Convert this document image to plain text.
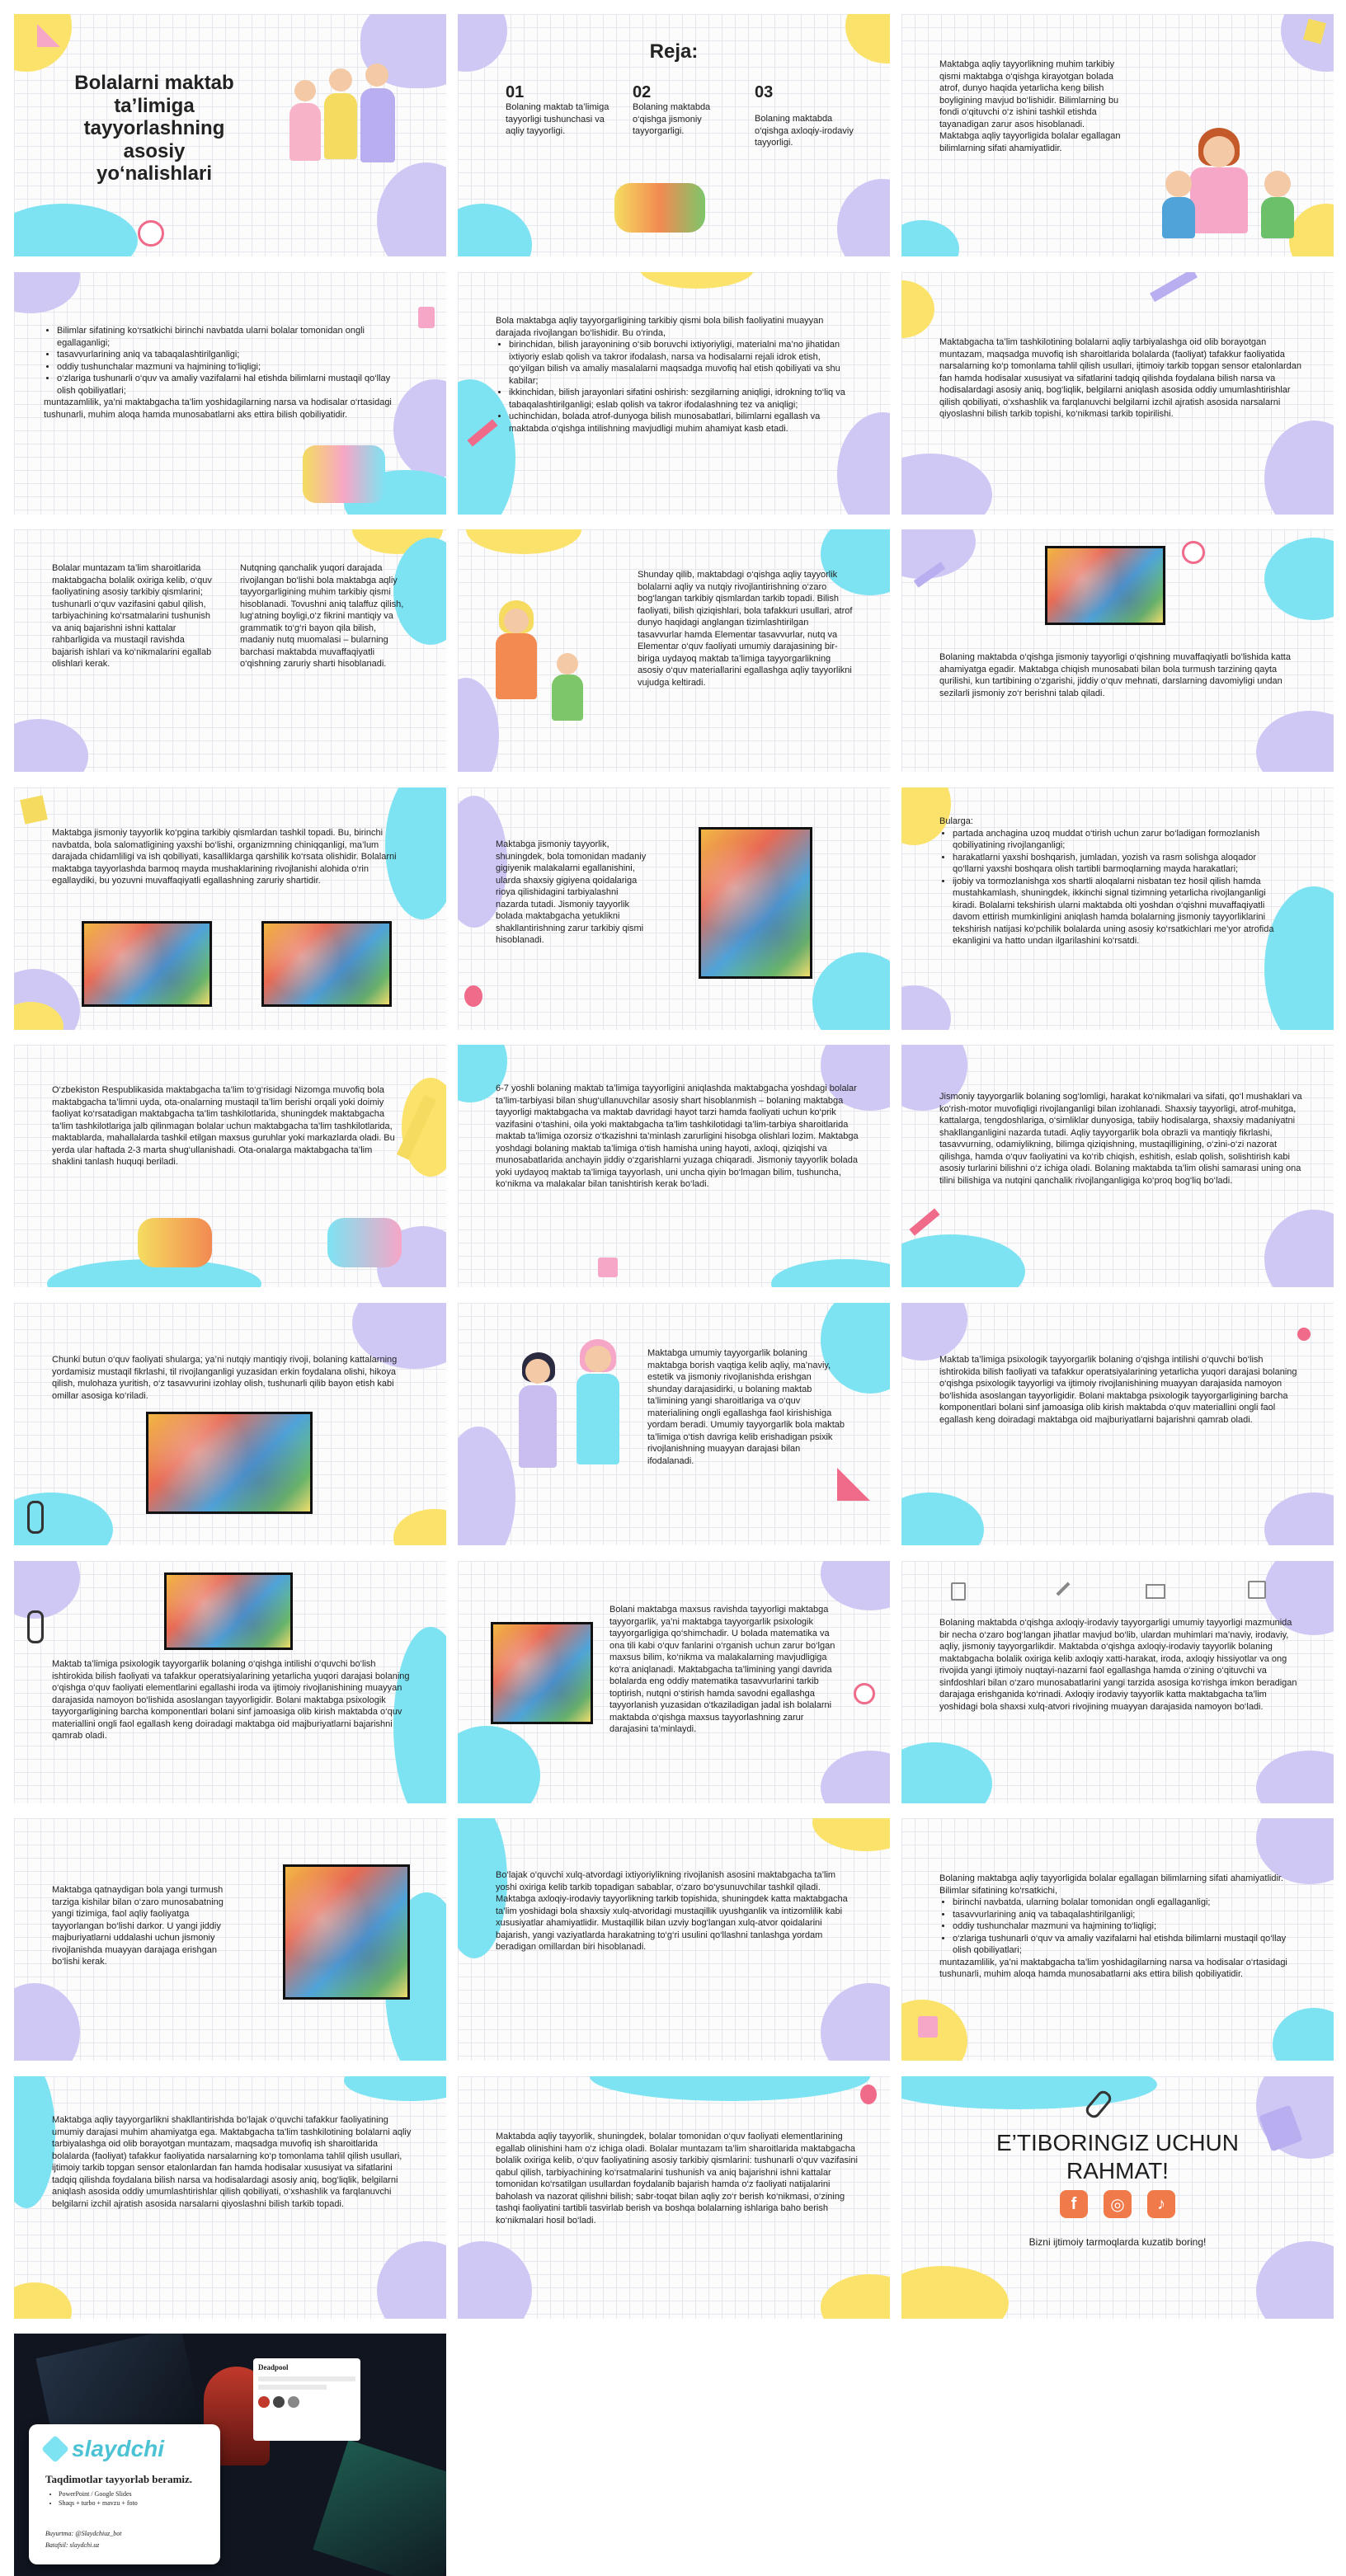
Bolalarni maktab ta’limiga tayyorlashning asosiy yo‘nalishlari
Reja:
01
Bolaning maktab ta’limiga tayyorligi tushunchasi va aqliy tayyorligi.
02
Bolaning maktabda o‘qishga jismoniy tayyorgarligi.
03
Bolaning maktabda o‘qishga axloqiy-irodaviy tayyorligi.
Maktabga aqliy tayyorlikning muhim tarkibiy qismi maktabga o‘qishga kirayotgan bolada atrof, dunyo haqida yetarlicha keng bilish boyligining mavjud bo‘lishidir. Bilimlarning bu fondi o‘qituvchi o‘z ishini tashkil etishda tayanadigan zarur asos hisoblanadi. Maktabga aqliy tayyorligida bolalar egallagan bilimlarning sifati ahamiyatlidir.
• Bilimlar sifatining ko‘rsatkichi birinchi navbatda ularni bolalar tomonidan ongli egallaganligi;
• tasavvurlarining aniq va tabaqalashtirilganligi;
• oddiy tushunchalar mazmuni va hajmining to‘liqligi;
• o‘zlariga tushunarli o‘quv va amaliy vazifalarni hal etishda bilimlarni mustaqil qo‘llay olish qobiliyatlari;
muntazamlilik, ya’ni maktabgacha ta’lim yoshidagilarning narsa va hodisalar o‘rtasidagi tushunarli, muhim aloqa hamda munosabatlarni aks ettira bilish qobiliyatidir.
Bola maktabga aqliy tayyorgarligining tarkibiy qismi bola bilish faoliyatini muayyan darajada rivojlangan bo‘lishidir. Bu o‘rinda,
• birinchidan, bilish jarayonining o‘sib boruvchi ixtiyoriyligi, materialni ma’no jihatidan ixtiyoriy eslab qolish va takror ifodalash, narsa va hodisalarni rejali idrok etish, qo‘yilgan bilish va amaliy masalalarni maqsadga muvofiq hal etish qobiliyati va shu kabilar;
• ikkinchidan, bilish jarayonlari sifatini oshirish: sezgilarning aniqligi, idrokning to‘liq va tabaqalashtirilganligi; eslab qolish va takror ifodalashning tez va aniqligi;
• uchinchidan, bolada atrof-dunyoga bilish munosabatlari, bilimlarni egallash va maktabda o‘qishga intilishning mavjudligi muhim ahamiyat kasb etadi.
Maktabgacha ta’lim tashkilotining bolalarni aqliy tarbiyalashga oid olib borayotgan muntazam, maqsadga muvofiq ish sharoitlarida bolalarda (faoliyat) tafakkur faoliyatida narsalarning ko‘p tomonlama tahlil qilish usullari, ijtimoiy tarkib topgan sensor etalonlardan fan hamda hodisalar xususiyat va sifatlarini tadqiq qilishda foydalana bilish narsa va hodisalardagi asosiy aniq, bog‘liqlik, belgilarni aniqlash asosida oddiy umumlashtirishlar qilish qobiliyati, o‘xshashlik va farqlanuvchi belgilarni izchil ajratish asosida narsalarni qiyoslashni bilish tarkib topishi, ko‘nikmasi tarkib topirilishi.
Bolalar muntazam ta’lim sharoitlarida maktabgacha bolalik oxiriga kelib, o‘quv faoliyatining asosiy tarkibiy qismlarini; tushunarli o‘quv vazifasini qabul qilish, tarbiyachining ko‘rsatmalarini tushunish va aniq bajarishni ishni kattalar rahbarligida va mustaqil ravishda bajarish ishlari va ko‘nikmalarini egallab olishlari kerak.
Nutqning qanchalik yuqori darajada rivojlangan bo‘lishi bola maktabga aqliy tayyorgarligining muhim tarkibiy qismi hisoblanadi. Tovushni aniq talaffuz qilish, lug‘atning boyligi,o‘z fikrini mantiqiy va grammatik to‘g‘ri bayon qila bilish, madaniy nutq muomalasi – bularning barchasi maktabda muvaffaqiyatli o‘qishning zaruriy sharti hisoblanadi.
Shunday qilib, maktabdagi o‘qishga aqliy tayyorlik bolalarni aqliy va nutqiy rivojlantirishning o‘zaro bog‘langan tarkibiy qismlardan tarkib topadi. Bilish faoliyati, bilish qiziqishlari, bola tafakkuri usullari, atrof dunyo haqidagi anglangan tizimlashtirilgan tasavvurlar hamda Elementar tasavvurlar, nutq va Elementar o‘quv faoliyati umumiy darajasining bir-biriga uydayoq maktab ta’limiga tayyorgarlikning asosiy o‘quv materiallarini egallashga aqliy tayyorlikni vujudga keltiradi.
Bolaning maktabda o‘qishga jismoniy tayyorligi o‘qishning muvaffaqiyatli bo‘lishida katta ahamiyatga egadir. Maktabga chiqish munosabati bilan bola turmush tarzining qayta qurilishi, kun tartibining o‘zgarishi, jiddiy o‘quv mehnati, darslarning davomiyligi undan sezilarli jismoniy zo‘r berishni talab qiladi.
Maktabga jismoniy tayyorlik ko‘pgina tarkibiy qismlardan tashkil topadi. Bu, birinchi navbatda, bola salomatligining yaxshi bo‘lishi, organizmning chiniqqanligi, ma’lum darajada chidamliligi va ish qobiliyati, kasalliklarga qarshilik ko‘rsata olishidir. Bolalarni maktabga tayyorlashda barmoq mayda mushaklarining rivojlanishi alohida o‘rin egallaydiki, bu yozuvni muvaffaqiyatli egallashning zaruriy shartidir.
Maktabga jismoniy tayyorlik, shuningdek, bola tomonidan madaniy gigiyenik malakalarni egallanishini, ularda shaxsiy gigiyena qoidalariga rioya qilishidagini tarbiyalashni nazarda tutadi. Jismoniy tayyorlik bolada maktabgacha yetuklikni shakllantirishning zarur tarkibiy qismi hisoblanadi.
Bularga:
• partada anchagina uzoq muddat o‘tirish uchun zarur bo‘ladigan formozlanish qobiliyatining rivojlanganligi;
• harakatlarni yaxshi boshqarish, jumladan, yozish va rasm solishga aloqador qo‘llarni yaxshi boshqara olish tartibli barmoqlarning mayda harakatlari;
• ijobiy va tormozlanishga xos shartli aloqalarni nisbatan tez hosil qilish hamda mustahkamlash, shuningdek, ikkinchi signal tizimning yetarlicha rivojlanganligi kiradi. Bolalarni tekshirish ularni maktabda olti yoshdan o‘qishni muvaffaqiyatli davom ettirish mumkinligini aniqlash hamda bolalarning jismoniy tayyorliklarini tekshirish natijasi ko‘pchilik bolalarda uning asosiy ko‘rsatkichlari me’yor atrofida ekanligini va hatto undan ilgarilashini ko‘rsatdi.
O‘zbekiston Respublikasida maktabgacha ta’lim to‘g‘risidagi Nizomga muvofiq bola maktabgacha ta’limni uyda, ota-onalarning mustaqil ta’lim berishi orqali yoki doimiy faoliyat ko‘rsatadigan maktabgacha ta’lim tashkilotlarida, shuningdek maktabgacha ta’lim tashkilotlariga jalb qilinmagan bolalar uchun maktabgacha ta’lim tashkilotlarida, maktablarda, mahallalarda tashkil etilgan maxsus guruhlar yoki markazlarda oladi. Bu yerda ular haftada 2-3 marta shug‘ullanishadi. Ota-onalarga maktabgacha ta’lim shaklini tanlash huquqi beriladi.
6-7 yoshli bolaning maktab ta’limiga tayyorligini aniqlashda maktabgacha yoshdagi bolalar ta’lim-tarbiyasi bilan shug‘ullanuvchilar asosiy shart hisoblanmish – bolaning maktabga tayyorligi maktabgacha va maktab davridagi hayot tarzi hamda faoliyati uchun ko‘prik vazifasini o‘tashini, oila yoki maktabgacha ta’lim tashkilotidagi ta’lim-tarbiya sharoitlarida maktab ta’limiga ozorsiz o‘tkazishni ta’minlash zarurligini hisobga olishlari lozim. Maktabga yoshdagi bolaning maktab ta’limiga o‘tish hamisha uning hayoti, axloqi, qiziqishi va munosabatlarida anchayin jiddiy o‘zgarishlarni yuzaga chiqaradi. Jismoniy tayyorlik bolada yoki uydayoq maktab ta’limiga tayyorlash, uni uncha qiyin bo‘lmagan bilim, tushuncha, ko‘nikma va malakalar bilan tanishtirish kerak bo‘ladi.
Jismoniy tayyorgarlik bolaning sog‘lomligi, harakat ko‘nikmalari va sifati, qo‘l mushaklari va ko‘rish-motor muvofiqligi rivojlanganligi bilan izohlanadi. Shaxsiy tayyorligi, atrof-muhitga, kattalarga, tengdoshlariga, o‘simliklar dunyosiga, tabiiy hodisalarga, shaxsiy madaniyatni shakllanganligini nazarda tutadi. Aqliy tayyorgarlik bola obrazli va mantiqiy fikrlashi, tasavvurning, odamiylikning, bilimga qiziqishning, mustaqilligining, o‘zini-o‘zi nazorat qilishga, hamda o‘quv faoliyatini va ko‘rib chiqish, eshitish, eslab qolish, solishtirish kabi asosiy turlarini bilishni o‘z ichiga oladi. Bolaning maktabda ta’lim olishi samarasi uning ona tilini bilishiga va nutqini qanchalik rivojlanganligiga ko‘proq bog‘liq bo‘ladi.
Chunki butun o‘quv faoliyati shularga; ya’ni nutqiy mantiqiy rivoji, bolaning kattalarning yordamisiz mustaqil fikrlashi, til rivojlanganligi yuzasidan erkin foydalana olishi, hikoya qilish, mulohaza yuritish, o‘z tasavvurini izohlay olish, tushunarli qilib bayon etish kabi omillar asosiga ko‘riladi.
Maktabga umumiy tayyorgarlik bolaning maktabga borish vaqtiga kelib aqliy, ma’naviy, estetik va jismoniy rivojlanishda erishgan shunday darajasidirki, u bolaning maktab ta’limining yangi sharoitlariga va o‘quv materialining ongli egallashga faol kirishishiga yordam beradi. Umumiy tayyorgarlik bola maktab ta’limiga o‘tish davriga kelib erishadigan psixik rivojlanishning muayyan darajasi bilan ifodalanadi.
Maktab ta’limiga psixologik tayyorgarlik bolaning o‘qishga intilishi o‘quvchi bo‘lish ishtirokida bilish faoliyati va tafakkur operatsiyalarining yetarlicha yuqori darajasi bolaning o‘qishga psixologik tayyorligi va ijtimoiy rivojlanishining muayyan darajasida namoyon bo‘lishida asoslangan tayyorligidir. Bolani maktabga psixologik tayyorgarligining barcha komponentlari bolani sinf jamoasiga olib kirish maktabda o‘quv materiallini ongli faol egallash keng doiradagi maktabga oid majburiyatlarni bajarishni qamrab oladi.
Maktab ta’limiga psixologik tayyorgarlik bolaning o‘qishga intilishi o‘quvchi bo‘lish ishtirokida bilish faoliyati va tafakkur operatsiyalarining yetarlicha yuqori darajasi bolaning o‘qishga o‘quv faoliyati elementlarini egallashi iroda va ijtimoiy rivojlanishining muayyan darajasida namoyon bo‘lishida asoslangan tayyorligidir. Bolani maktabga psixologik tayyorgarligining barcha komponentlari bolani sinf jamoasiga olib kirish maktabda o‘quv materiallini ongli faol egallash keng doiradagi maktabga oid majburiyatlarni bajarishni qamrab oladi.
Bolani maktabga maxsus ravishda tayyorligi maktabga tayyorgarlik, ya’ni maktabga tayyorgarlik psixologik tayyorgarligiga qo‘shimchadir. U bolada matematika va ona tili kabi o‘quv fanlarini o‘rganish uchun zarur bo‘lgan maxsus bilim, ko‘nikma va malakalarning mavjudligiga ko‘ra aniqlanadi. Maktabgacha ta’limining yangi davrida bolalarda eng oddiy matematika tasavvurlarini tarkib toptirish, nutqni o‘stirish hamda savodni egallashga tayyorlanish yuzasidan o‘tkaziladigan jadal ish bolalarni maktabda o‘qishga maxsus tayyorlashning zarur darajasini ta’minlaydi.
Bolaning maktabda o‘qishga axloqiy-irodaviy tayyorgarligi umumiy tayyorligi mazmunida bir necha o‘zaro bog‘langan jihatlar mavjud bo‘lib, ulardan muhimlari ma’naviy, irodaviy, aqliy, jismoniy tayyorgarlikdir. Maktabda o‘qishga axloqiy-irodaviy tayyorlik bolaning maktabgacha bolalik oxiriga kelib axloqiy xatti-harakat, iroda, axloqiy hissiyotlar va ong rivojida yangi ijtimoiy nuqtayi-nazarni faol egallashga hamda o‘zining o‘qituvchi va sinfdoshlari bilan o‘zaro munosabatlarini yangi tarzida asosiga ko‘rishga imkon beradigan darajaga erishganida ko‘rinadi. Axloqiy irodaviy tayyorlik katta maktabgacha ta’lim yoshidagi bola shaxsi xulq-atvori rivojining muayyan darajasida namoyon bo‘ladi.
Maktabga qatnaydigan bola yangi turmush tarziga kishilar bilan o‘zaro munosabatning yangi tizimiga, faol aqliy faoliyatga tayyorlangan bo‘lishi darkor. U yangi jiddiy majburiyatlarni uddalashi uchun jismoniy rivojlanishda muayyan darajaga erishgan bo‘lishi kerak.
Bo‘lajak o‘quvchi xulq-atvordagi ixtiyoriylikning rivojlanish asosini maktabgacha ta’lim yoshi oxiriga kelib tarkib topadigan sabablar, o‘zaro bo‘ysunuvchilar tashkil qiladi. Maktabga axloqiy-irodaviy tayyorlikning tarkib topishida, shuningdek katta maktabgacha ta’lim yoshidagi bola shaxsiy xulq-atvoridagi mustaqillik uyushganlik va intizomlilik kabi xususiyatlar ahamiyatlidir. Mustaqillik bilan uzviy bog‘langan xulq-atvor qoidalarini bajarish, yangi vaziyatlarda harakatning to‘g‘ri usulini qo‘llashni tanlashga yordam beradigan omillardan biri hisoblanadi.
Bolaning maktabga aqliy tayyorligida bolalar egallagan bilimlarning sifati ahamiyatlidir. Bilimlar sifatining ko‘rsatkichi,
• birinchi navbatda, ularning bolalar tomonidan ongli egallaganligi;
• tasavvurlarining aniq va tabaqalashtirilganligi;
• oddiy tushunchalar mazmuni va hajmining to‘liqligi;
• o‘zlariga tushunarli o‘quv va amaliy vazifalarni hal etishda bilimlarni mustaqil qo‘llay olish qobiliyatlari;
muntazamlilik, ya’ni maktabgacha ta’lim yoshidagilarning narsa va hodisalar o‘rtasidagi tushunarli, muhim aloqa hamda munosabatlarni aks ettira bilish qobiliyatidir.
Maktabga aqliy tayyorgarlikni shakllantirishda bo‘lajak o‘quvchi tafakkur faoliyatining umumiy darajasi muhim ahamiyatga ega. Maktabgacha ta’lim tashkilotining bolalarni aqliy tarbiyalashga oid olib borayotgan muntazam, maqsadga muvofiq ish sharoitlarida bolalarda (faoliyat) tafakkur faoliyatida narsalarning ko‘p tomonlama tahlil qilish usullari, ijtimoiy tarkib topgan sensor etalonlardan fan hamda hodisalar xususiyat va sifatlarini tadqiq qilishda foydalana bilish narsa va hodisalardagi asosiy aniq, bog‘liqlik, belgilarni aniqlash asosida oddiy umumlashtirishlar qilish qobiliyati, o‘xshashlik va farqlanuvchi belgilarni izchil ajratish asosida narsalarni qiyoslashni bilish tarkib topadi.
Maktabda aqliy tayyorlik, shuningdek, bolalar tomonidan o‘quv faoliyati elementlarining egallab olinishini ham o‘z ichiga oladi. Bolalar muntazam ta’lim sharoitlarida maktabgacha bolalik oxiriga kelib, o‘quv faoliyatining asosiy tarkibiy qismlarini: tushunarli o‘quv vazifasini qabul qilish, tarbiyachining ko‘rsatmalarini tushunish va aniq bajarishni ishni kattalar tomonidan ko‘rsatilgan usullardan foydalanib bajarish hamda o‘z faoliyati natijalarini baholash va nazorat qilishni bilish; sabr-toqat bilan aqliy zo‘r berish ko‘nikmasi, o‘zining tashqi faoliyatini tartibli tasvirlab berish va boshqa bolalarning ishlariga baho berish ko‘nikmalari hosil bo‘ladi.
E’TIBORINGIZ UCHUN RAHMAT!
f	◎	♪
Bizni ijtimoiy tarmoqlarda kuzatib boring!
Deadpool
slaydchi
Taqdimotlar tayyorlab beramiz.
• PowerPoint / Google Slides
• Shaqs + turbo + mavzu + foto
Buyurtma: @Slaydchiuz_bot
Batafsil: slaydchi.uz
